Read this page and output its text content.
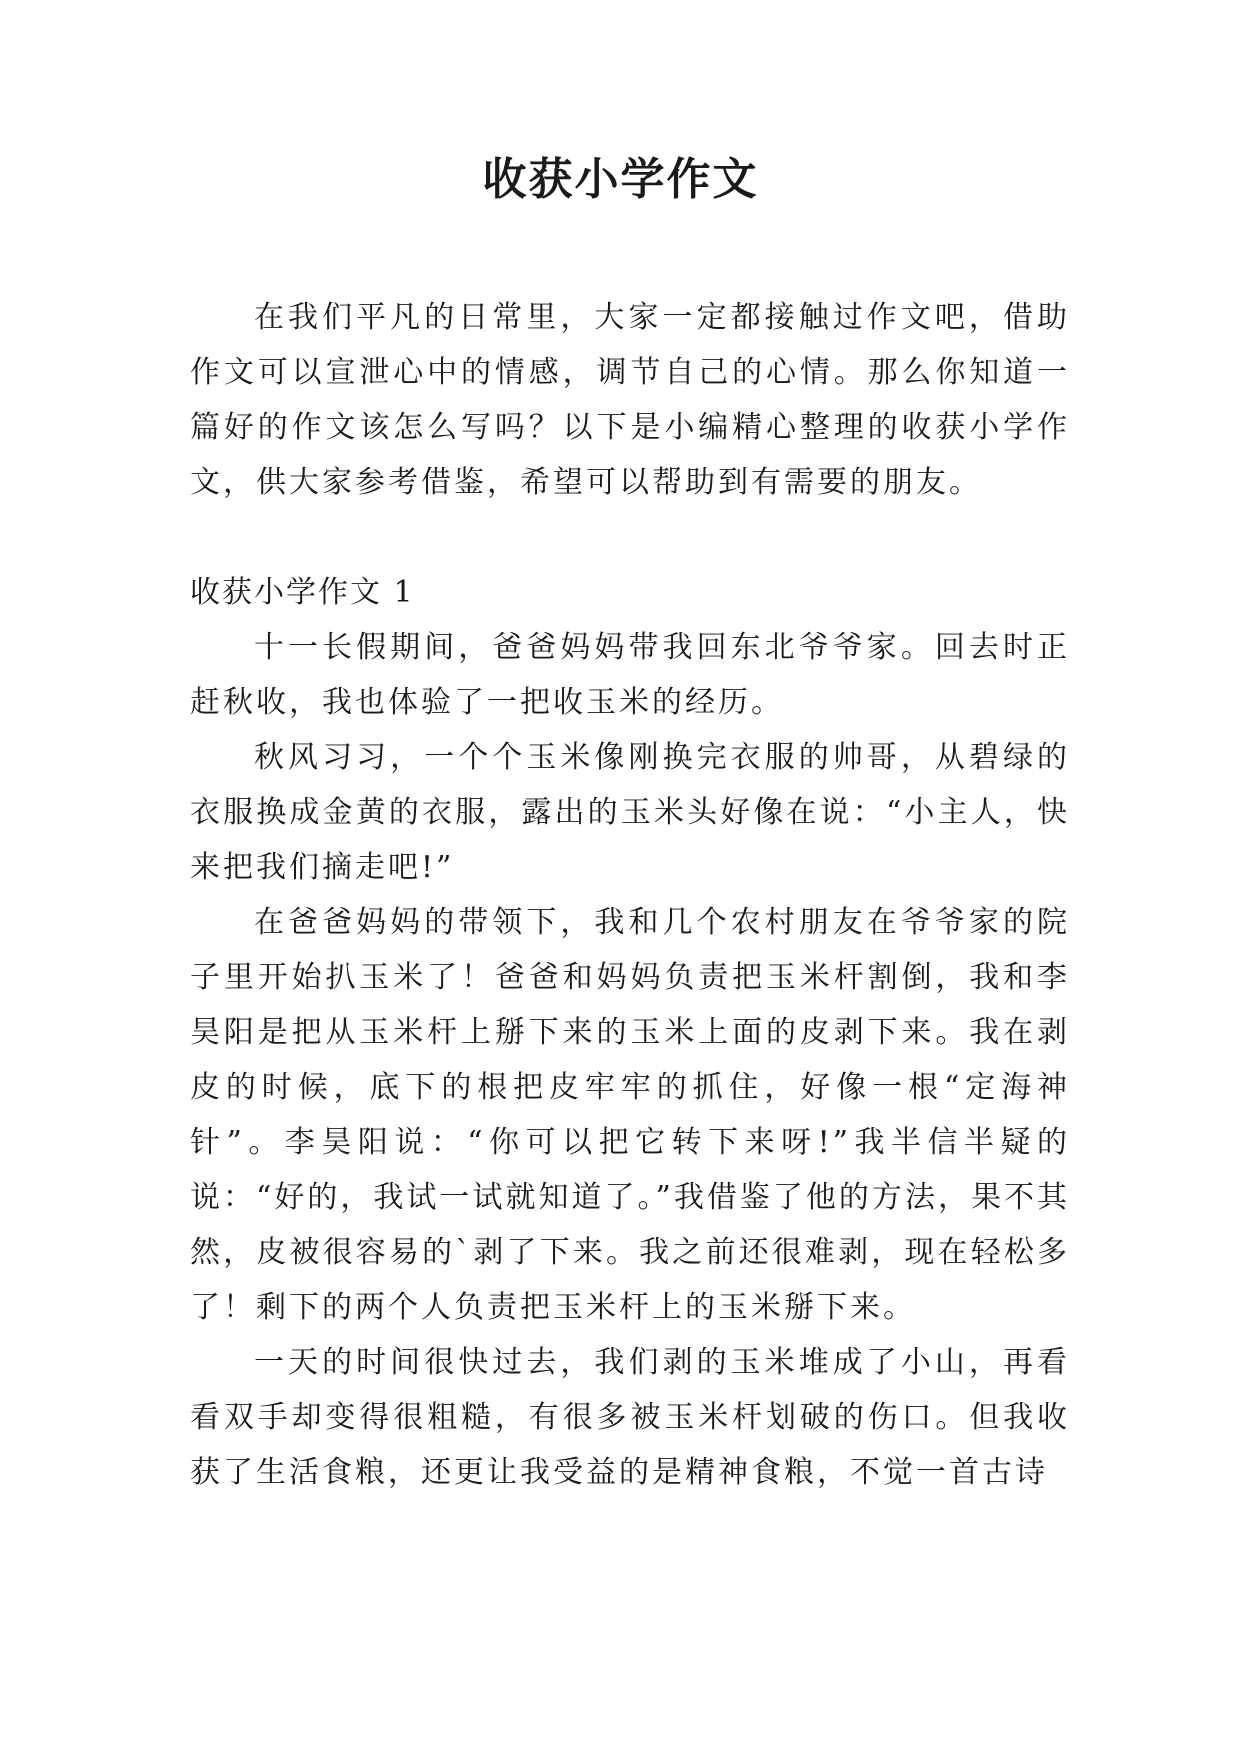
收获小学作文

在我们平凡的日常里，大家一定都接触过作文吧，借助作文可以宣泄心中的情感，调节自己的心情。那么你知道一篇好的作文该怎么写吗？以下是小编精心整理的收获小学作文，供大家参考借鉴，希望可以帮助到有需要的朋友。

收获小学作文 1

十一长假期间，爸爸妈妈带我回东北爷爷家。回去时正赶秋收，我也体验了一把收玉米的经历。

秋风习习，一个个玉米像刚换完衣服的帅哥，从碧绿的衣服换成金黄的衣服，露出的玉米头好像在说：“小主人，快来把我们摘走吧!”

在爸爸妈妈的带领下，我和几个农村朋友在爷爷家的院子里开始扒玉米了！爸爸和妈妈负责把玉米杆割倒，我和李昊阳是把从玉米杆上掰下来的玉米上面的皮剥下来。我在剥皮的时候，底下的根把皮牢牢的抓住，好像一根“定海神针”。李昊阳说：“你可以把它转下来呀!”我半信半疑的说：“好的，我试一试就知道了。”我借鉴了他的方法，果不其然，皮被很容易的`剥了下来。我之前还很难剥，现在轻松多了！剩下的两个人负责把玉米杆上的玉米掰下来。

一天的时间很快过去，我们剥的玉米堆成了小山，再看看双手却变得很粗糙，有很多被玉米杆划破的伤口。但我收获了生活食粮，还更让我受益的是精神食粮，不觉一首古诗
